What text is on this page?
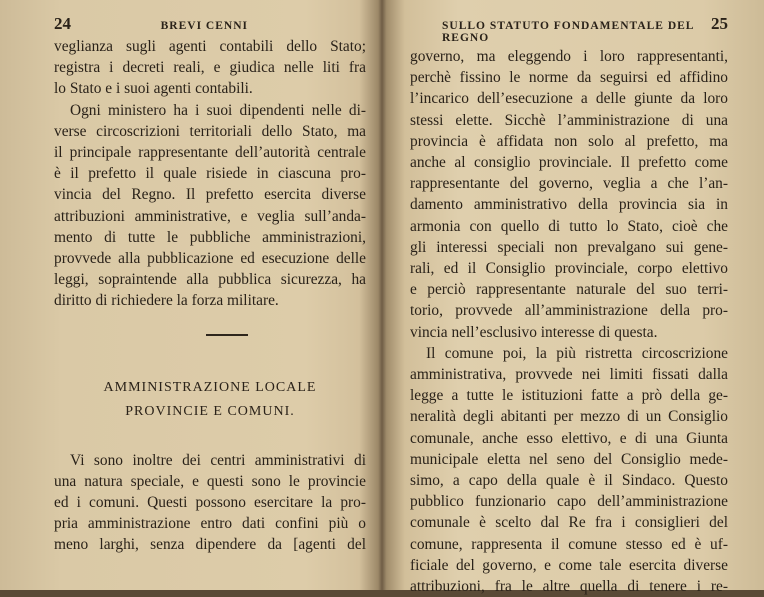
24	BREVI CENNI

veglianza sugli agenti contabili dello Stato;

registra i decreti reali, e giudica nelle liti fra

lo Stato e i suoi agenti contabili.

Ogni ministero ha i suoi dipendenti nelle di-

verse circoscrizioni territoriali dello Stato, ma

il principale rappresentante dell’autorità centrale

è il prefetto il quale risiede in ciascuna pro-

vincia del Regno. Il prefetto esercita diverse

attribuzioni amministrative, e veglia sull’anda-

mento di tutte le pubbliche amministrazioni,

provvede alla pubblicazione ed esecuzione delle

leggi, sopraintende alla pubblica sicurezza, ha

diritto di richiedere la forza militare.

AMMINISTRAZIONE LOCALE
PROVINCIE E COMUNI.

Vi sono inoltre dei centri amministrativi di

una natura speciale, e questi sono le provincie

ed i comuni. Questi possono esercitare la pro-

pria amministrazione entro dati confini più o

meno larghi, senza dipendere da [agenti del

SULLO STATUTO FONDAMENTALE DEL REGNO
25

governo, ma eleggendo i loro rappresentanti,

perchè fissino le norme da seguirsi ed affidino

l’incarico dell’esecuzione a delle giunte da loro

stessi elette. Sicchè l’amministrazione di una

provincia è affidata non solo al prefetto, ma

anche al consiglio provinciale. Il prefetto come

rappresentante del governo, veglia a che l’an-

damento amministrativo della provincia sia in

armonia con quello di tutto lo Stato, cioè che

gli interessi speciali non prevalgano sui gene-

rali, ed il Consiglio provinciale, corpo elettivo

e perciò rappresentante naturale del suo terri-

torio, provvede all’amministrazione della pro-

vincia nell’esclusivo interesse di questa.

Il comune poi, la più ristretta circoscrizione

amministrativa, provvede nei limiti fissati dalla

legge a tutte le istituzioni fatte a prò della ge-

neralità degli abitanti per mezzo di un Consiglio

comunale, anche esso elettivo, e di una Giunta

municipale eletta nel seno del Consiglio mede-

simo, a capo della quale è il Sindaco. Questo

pubblico funzionario capo dell’amministrazione

comunale è scelto dal Re fra i consiglieri del

comune, rappresenta il comune stesso ed è uf-

ficiale del governo, e come tale esercita diverse

attribuzioni, fra le altre quella di tenere i re-
